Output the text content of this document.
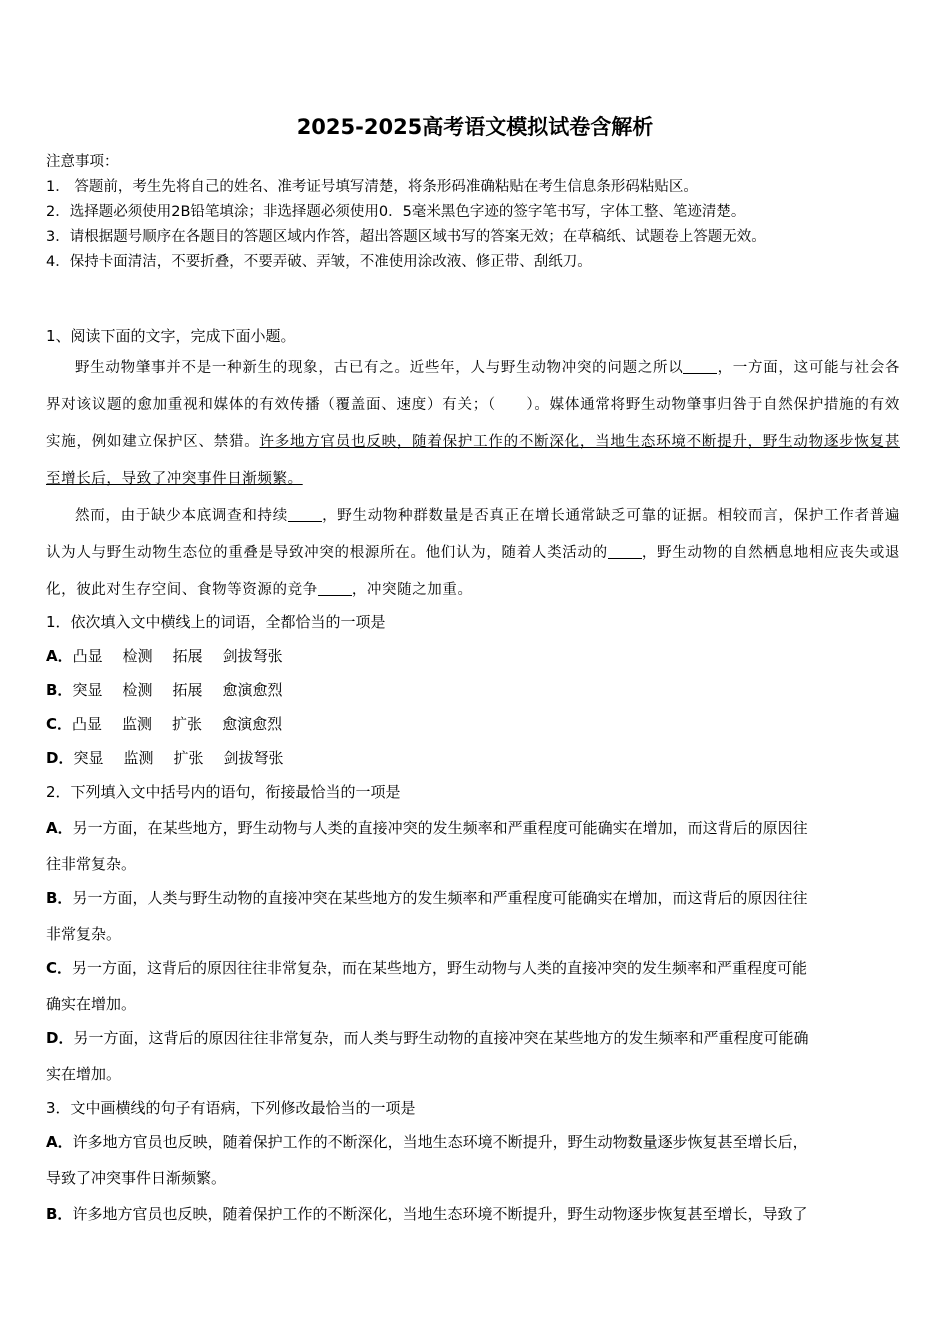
2025-2025高考语文模拟试卷含解析
注意事项：
1． 答题前，考生先将自己的姓名、准考证号填写清楚，将条形码准确粘贴在考生信息条形码粘贴区。
2．选择题必须使用2B铅笔填涂；非选择题必须使用0．5毫米黑色字迹的签字笔书写，字体工整、笔迹清楚。
3．请根据题号顺序在各题目的答题区域内作答，超出答题区域书写的答案无效；在草稿纸、试题卷上答题无效。
4．保持卡面清洁，不要折叠，不要弄破、弄皱，不准使用涂改液、修正带、刮纸刀。
1、阅读下面的文字，完成下面小题。

野生动物肇事并不是一种新生的现象，古已有之。近些年，人与野生动物冲突的问题之所以 ，一方面，这可能与社会各界对该议题的愈加重视和媒体的有效传播（覆盖面、速度）有关；（　　）。媒体通常将野生动物肇事归咎于自然保护措施的有效实施，例如建立保护区、禁猎。许多地方官员也反映，随着保护工作的不断深化，当地生态环境不断提升，野生动物逐步恢复甚至增长后，导致了冲突事件日渐频繁。

然而，由于缺少本底调查和持续 ，野生动物种群数量是否真正在增长通常缺乏可靠的证据。相较而言，保护工作者普遍认为人与野生动物生态位的重叠是导致冲突的根源所在。他们认为，随着人类活动的 ，野生动物的自然栖息地相应丧失或退化，彼此对生存空间、食物等资源的竞争 ，冲突随之加重。

1．依次填入文中横线上的词语，全都恰当的一项是
A．凸显 检测 拓展 剑拔弩张
B．突显 检测 拓展 愈演愈烈
C．凸显 监测 扩张 愈演愈烈
D．突显 监测 扩张 剑拔弩张
2．下列填入文中括号内的语句，衔接最恰当的一项是
A．另一方面，在某些地方，野生动物与人类的直接冲突的发生频率和严重程度可能确实在增加，而这背后的原因往
往非常复杂。
B．另一方面，人类与野生动物的直接冲突在某些地方的发生频率和严重程度可能确实在增加，而这背后的原因往往
非常复杂。
C．另一方面，这背后的原因往往非常复杂，而在某些地方，野生动物与人类的直接冲突的发生频率和严重程度可能
确实在增加。
D．另一方面，这背后的原因往往非常复杂，而人类与野生动物的直接冲突在某些地方的发生频率和严重程度可能确
实在增加。
3．文中画横线的句子有语病，下列修改最恰当的一项是
A．许多地方官员也反映，随着保护工作的不断深化，当地生态环境不断提升，野生动物数量逐步恢复甚至增长后，
导致了冲突事件日渐频繁。
B．许多地方官员也反映，随着保护工作的不断深化，当地生态环境不断提升，野生动物逐步恢复甚至增长，导致了
